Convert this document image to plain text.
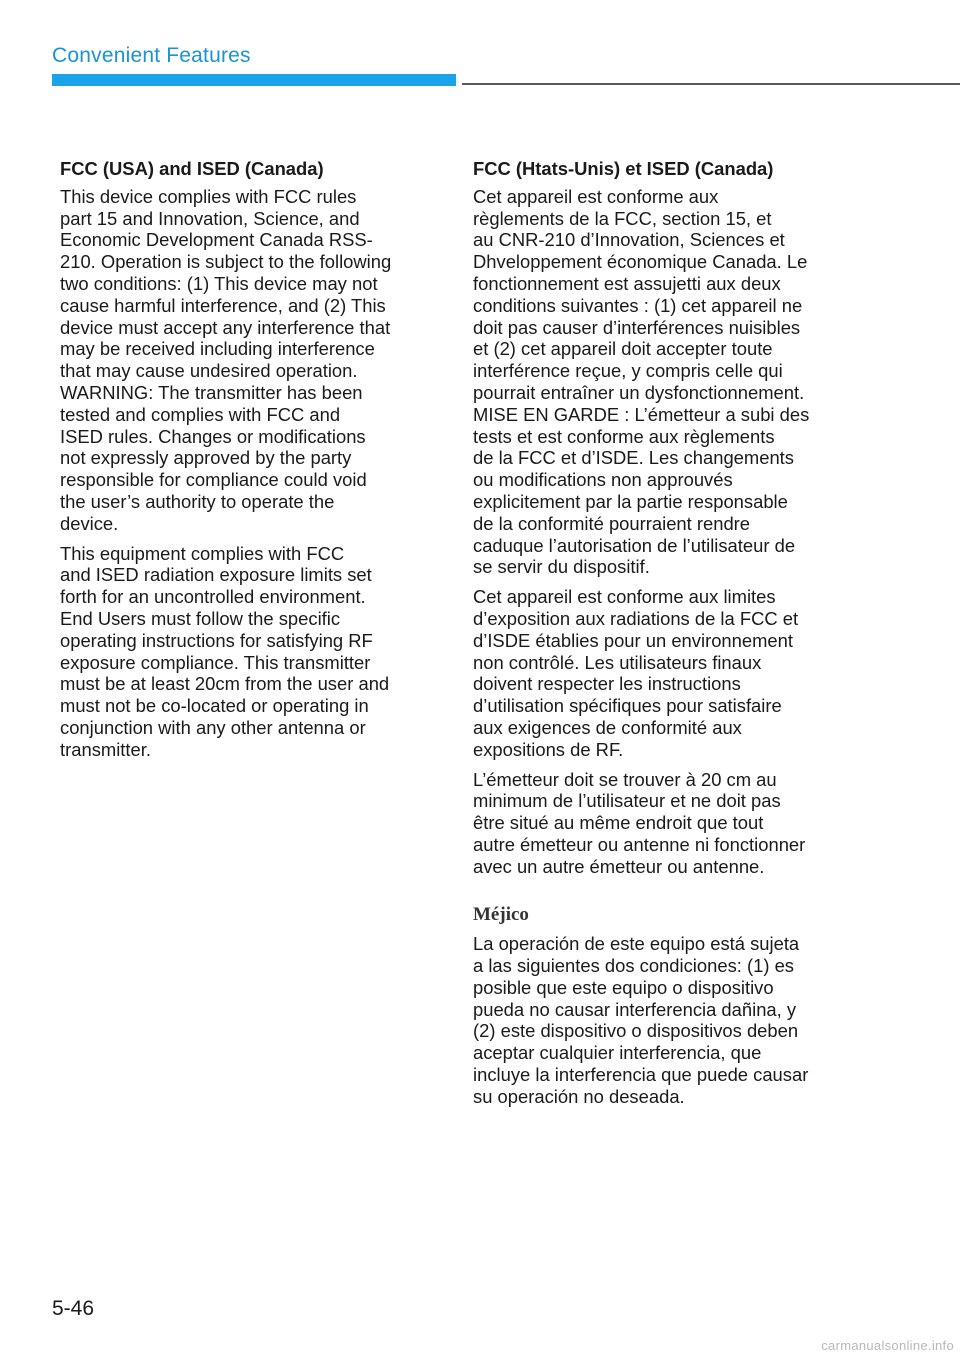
Convenient Features
FCC (USA) and ISED (Canada)

This device complies with FCC rules
part 15 and Innovation, Science, and
Economic Development Canada RSS-
210. Operation is subject to the following
two conditions: (1) This device may not
cause harmful interference, and (2) This
device must accept any interference that
may be received including interference
that may cause undesired operation.
WARNING: The transmitter has been
tested and complies with FCC and
ISED rules. Changes or modifications
not expressly approved by the party
responsible for compliance could void
the user’s authority to operate the
device.

This equipment complies with FCC
and ISED radiation exposure limits set
forth for an uncontrolled environment.
End Users must follow the specific
operating instructions for satisfying RF
exposure compliance. This transmitter
must be at least 20cm from the user and
must not be co-located or operating in
conjunction with any other antenna or
transmitter.

FCC (Htats-Unis) et ISED (Canada)

Cet appareil est conforme aux
règlements de la FCC, section 15, et
au CNR-210 d’Innovation, Sciences et
Dhveloppement économique Canada. Le
fonctionnement est assujetti aux deux
conditions suivantes : (1) cet appareil ne
doit pas causer d’interférences nuisibles
et (2) cet appareil doit accepter toute
interférence reçue, y compris celle qui
pourrait entraîner un dysfonctionnement.
MISE EN GARDE : L’émetteur a subi des
tests et est conforme aux règlements
de la FCC et d’ISDE. Les changements
ou modifications non approuvés
explicitement par la partie responsable
de la conformité pourraient rendre
caduque l’autorisation de l’utilisateur de
se servir du dispositif.

Cet appareil est conforme aux limites
d’exposition aux radiations de la FCC et
d’ISDE établies pour un environnement
non contrôlé. Les utilisateurs finaux
doivent respecter les instructions
d’utilisation spécifiques pour satisfaire
aux exigences de conformité aux
expositions de RF.

L’émetteur doit se trouver à 20 cm au
minimum de l’utilisateur et ne doit pas
être situé au même endroit que tout
autre émetteur ou antenne ni fonctionner
avec un autre émetteur ou antenne.

Méjico

La operación de este equipo está sujeta
a las siguientes dos condiciones: (1) es
posible que este equipo o dispositivo
pueda no causar interferencia dañina, y
(2) este dispositivo o dispositivos deben
aceptar cualquier interferencia, que
incluye la interferencia que puede causar
su operación no deseada.

5-46
carmanualsonline.info
